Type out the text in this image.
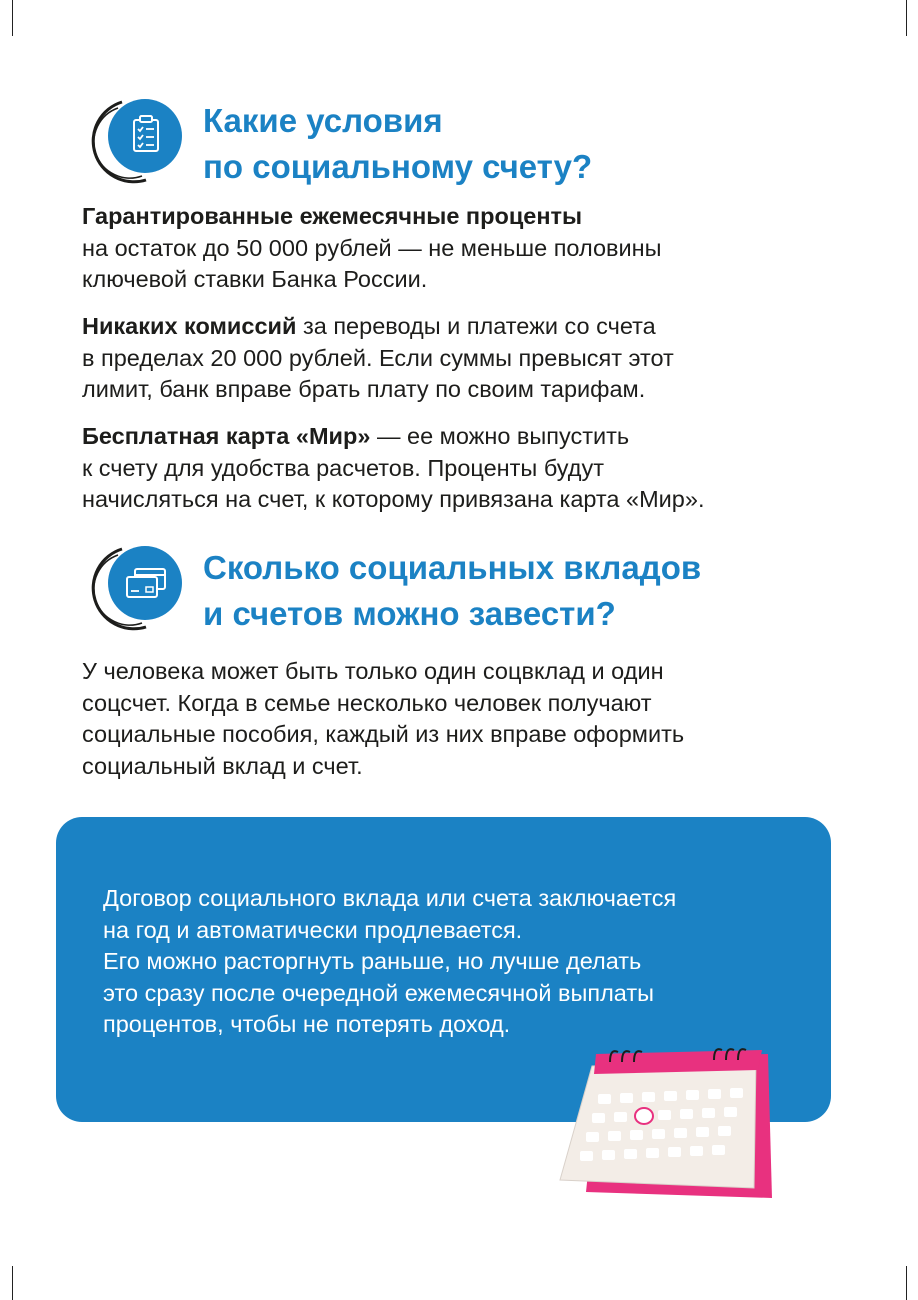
Какие условия
по социальному счету?

Гарантированные ежемесячные проценты
на остаток до 50 000 рублей — не меньше половины
ключевой ставки Банка России.

Никаких комиссий за переводы и платежи со счета
в пределах 20 000 рублей. Если суммы превысят этот
лимит, банк вправе брать плату по своим тарифам.

Бесплатная карта «Мир» — ее можно выпустить
к счету для удобства расчетов. Проценты будут
начисляться на счет, к которому привязана карта «Мир».

Сколько социальных вкладов
и счетов можно завести?

У человека может быть только один соцвклад и один
соцсчет. Когда в семье несколько человек получают
социальные пособия, каждый из них вправе оформить
социальный вклад и счет.

Договор социального вклада или счета заключается
на год и автоматически продлевается.
Его можно расторгнуть раньше, но лучше делать
это сразу после очередной ежемесячной выплаты
процентов, чтобы не потерять доход.
